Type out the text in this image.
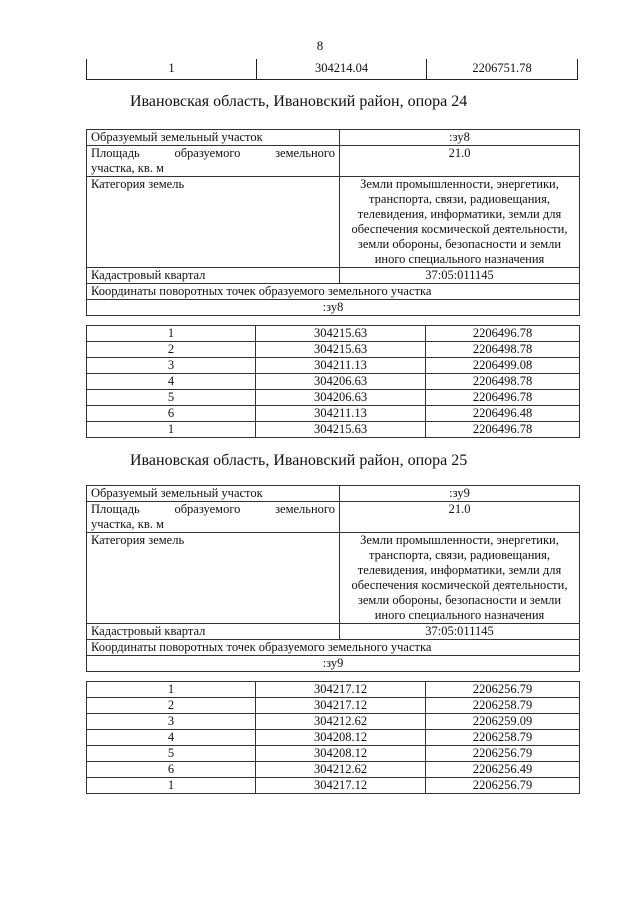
8
1	304214.04	2206751.78
Ивановская область, Ивановский район, опора 24
Образуемый земельный участок	:зу8

Площадь образуемого земельного
участка, кв. м	21.0
Категория земель	Земли промышленности, энергетики, транспорта, связи, радиовещания, телевидения, информатики, земли для обеспечения космической деятельности, земли обороны, безопасности и земли иного специального назначения
Кадастровый квартал	37:05:011145
Координаты поворотных точек образуемого земельного участка	
:зу8	
1	304215.63	2206496.78
2	304215.63	2206498.78
3	304211.13	2206499.08
4	304206.63	2206498.78
5	304206.63	2206496.78
6	304211.13	2206496.48
1	304215.63	2206496.78
Ивановская область, Ивановский район, опора 25
Образуемый земельный участок	:зу9

Площадь образуемого земельного
участка, кв. м	21.0
Категория земель	Земли промышленности, энергетики, транспорта, связи, радиовещания, телевидения, информатики, земли для обеспечения космической деятельности, земли обороны, безопасности и земли иного специального назначения
Кадастровый квартал	37:05:011145
Координаты поворотных точек образуемого земельного участка	
:зу9	
1	304217.12	2206256.79
2	304217.12	2206258.79
3	304212.62	2206259.09
4	304208.12	2206258.79
5	304208.12	2206256.79
6	304212.62	2206256.49
1	304217.12	2206256.79
